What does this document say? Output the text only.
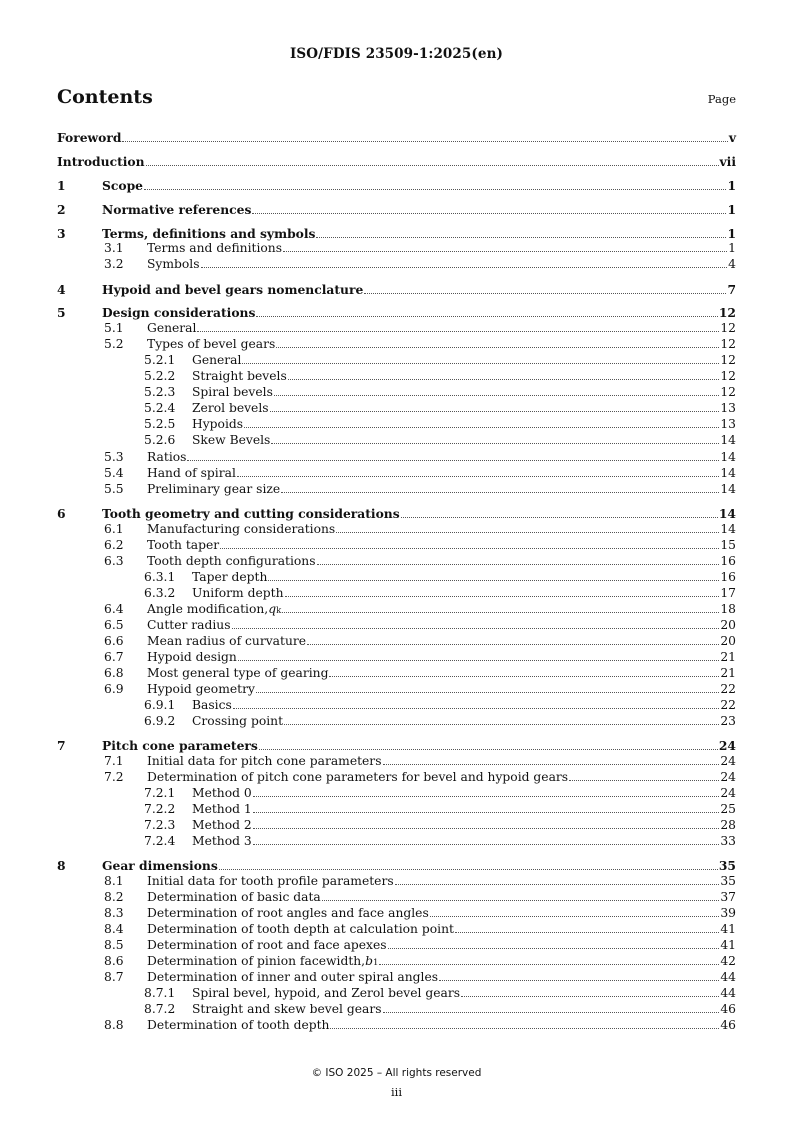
ISO/FDIS 23509-1:2025(en)
Contents	Page
Foreword	v
Introduction	vii
1	Scope	1
2	Normative references	1
3	Terms, definitions and symbols	1
3.1 Terms and definitions	1
3.2 Symbols	4
4	Hypoid and bevel gears nomenclature	7
5	Design considerations	12
5.1 General	12
5.2 Types of bevel gears	12
5.2.1 General	12
5.2.2 Straight bevels	12
5.2.3 Spiral bevels	12
5.2.4 Zerol bevels	13
5.2.5 Hypoids	13
5.2.6 Skew Bevels	14
5.3 Ratios	14
5.4 Hand of spiral	14
5.5 Preliminary gear size	14
6	Tooth geometry and cutting considerations	14
6.1 Manufacturing considerations	14
6.2 Tooth taper	15
6.3 Tooth depth configurations	16
6.3.1 Taper depth	16
6.3.2 Uniform depth	17
6.4 Angle modification, q k	18
6.5 Cutter radius	20
6.6 Mean radius of curvature	20
6.7 Hypoid design	21
6.8 Most general type of gearing	21
6.9 Hypoid geometry	22
6.9.1 Basics	22
6.9.2 Crossing point	23
7	Pitch cone parameters	24
7.1 Initial data for pitch cone parameters	24
7.2 Determination of pitch cone parameters for bevel and hypoid gears	24
7.2.1 Method 0	24
7.2.2 Method 1	25
7.2.3 Method 2	28
7.2.4 Method 3	33
8	Gear dimensions	35
8.1 Initial data for tooth profile parameters	35
8.2 Determination of basic data	37
8.3 Determination of root angles and face angles	39
8.4 Determination of tooth depth at calculation point	41
8.5 Determination of root and face apexes	41
8.6 Determination of pinion facewidth, b 1	42
8.7 Determination of inner and outer spiral angles	44
8.7.1 Spiral bevel, hypoid, and Zerol bevel gears	44
8.7.2 Straight and skew bevel gears	46
8.8 Determination of tooth depth	46
© ISO 2025 – All rights reserved
iii
